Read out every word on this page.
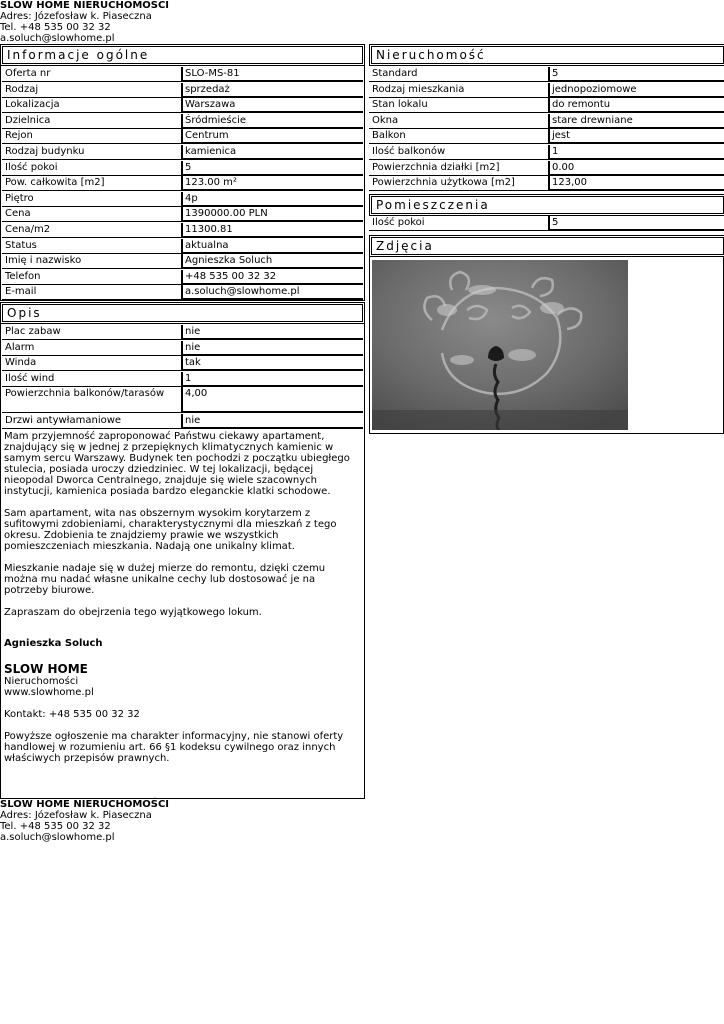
SLOW HOME NIERUCHOMOŚCI
Adres: Józefosław k. Piaseczna
Tel. +48 535 00 32 32
a.soluch@slowhome.pl
Informacje ogólne
Oferta nr	SLO-MS-81
Rodzaj	sprzedaż
Lokalizacja	Warszawa
Dzielnica	Śródmieście
Rejon	Centrum
Rodzaj budynku	kamienica
Ilość pokoi	5
Pow. całkowita [m2]	123.00 m²
Piętro	4p
Cena	1390000.00 PLN
Cena/m2	11300.81
Status	aktualna
Imię i nazwisko	Agnieszka Soluch
Telefon	+48 535 00 32 32
E-mail	a.soluch@slowhome.pl
Opis
Plac zabaw	nie
Alarm	nie
Winda	tak
Ilość wind	1
Powierzchnia balkonów/tarasów	4,00
Drzwi antywłamaniowe	nie

Mam przyjemność zaproponować Państwu ciekawy apartament, znajdujący się w jednej z przepięknych klimatycznych kamienic w samym sercu Warszawy. Budynek ten pochodzi z początku ubiegłego stulecia, posiada uroczy dziedziniec. W tej lokalizacji, będącej nieopodal Dworca Centralnego, znajduje się wiele szacownych instytucji, kamienica posiada bardzo eleganckie klatki schodowe.

Sam apartament, wita nas obszernym wysokim korytarzem z sufitowymi zdobieniami, charakterystycznymi dla mieszkań z tego okresu. Zdobienia te znajdziemy prawie we wszystkich pomieszczeniach mieszkania. Nadają one unikalny klimat.

Mieszkanie nadaje się w dużej mierze do remontu, dzięki czemu można mu nadać własne unikalne cechy lub dostosować je na potrzeby biurowe.

Zapraszam do obejrzenia tego wyjątkowego lokum.

Agnieszka Soluch
SLOW HOME
Nieruchomości
www.slowhome.pl

Kontakt: +48 535 00 32 32

Powyższe ogłoszenie ma charakter informacyjny, nie stanowi oferty handlowej w rozumieniu art. 66 §1 kodeksu cywilnego oraz innych właściwych przepisów prawnych.

Nieruchomość
Standard	5
Rodzaj mieszkania	jednopoziomowe
Stan lokalu	do remontu
Okna	stare drewniane
Balkon	jest
Ilość balkonów	1
Powierzchnia działki [m2]	0.00
Powierzchnia użytkowa [m2]	123,00
Pomieszczenia
Ilość pokoi	5
Zdjęcia
SLOW HOME NIERUCHOMOŚCI
Adres: Józefosław k. Piaseczna
Tel. +48 535 00 32 32
a.soluch@slowhome.pl
